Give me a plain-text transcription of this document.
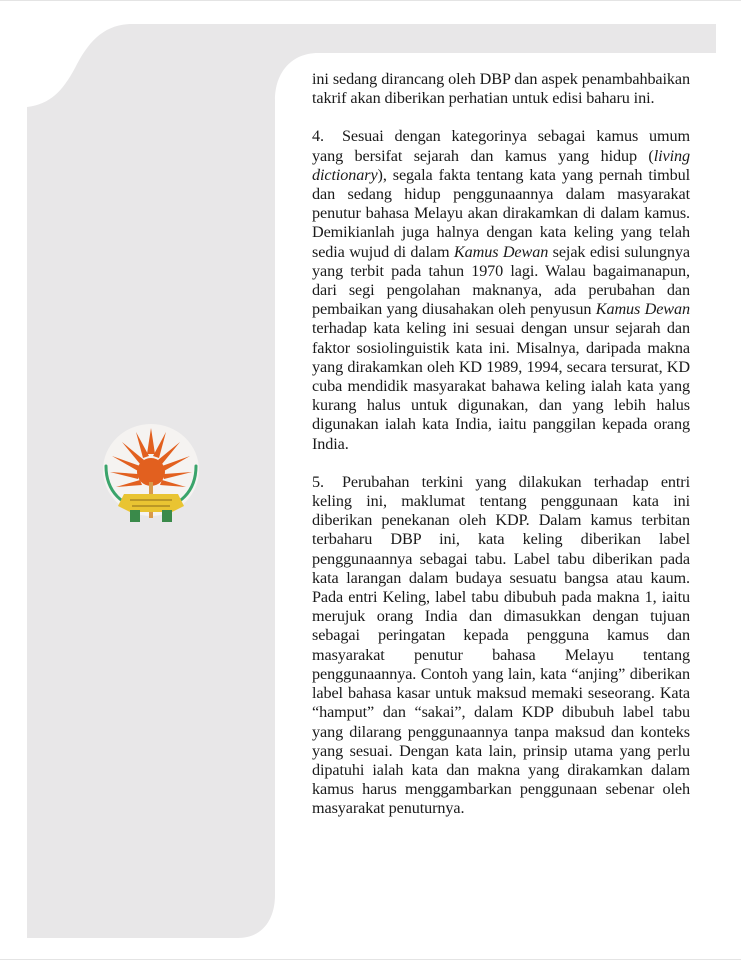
ini sedang dirancang oleh DBP dan aspek penambahbaikan takrif akan diberikan perhatian untuk edisi baharu ini.

4. Sesuai dengan kategorinya sebagai kamus umum yang bersifat sejarah dan kamus yang hidup (living dictionary), segala fakta tentang kata yang pernah timbul dan sedang hidup penggunaannya dalam masyarakat penutur bahasa Melayu akan dirakamkan di dalam kamus. Demikianlah juga halnya dengan kata keling yang telah sedia wujud di dalam Kamus Dewan sejak edisi sulungnya yang terbit pada tahun 1970 lagi. Walau bagaimanapun, dari segi pengolahan maknanya, ada perubahan dan pembaikan yang diusahakan oleh penyusun Kamus Dewan terhadap kata keling ini sesuai dengan unsur sejarah dan faktor sosiolinguistik kata ini. Misalnya, daripada makna yang dirakamkan oleh KD 1989, 1994, secara tersurat, KD cuba mendidik masyarakat bahawa keling ialah kata yang kurang halus untuk digunakan, dan yang lebih halus digunakan ialah kata India, iaitu panggilan kepada orang India.

5. Perubahan terkini yang dilakukan terhadap entri keling ini, maklumat tentang penggunaan kata ini diberikan penekanan oleh KDP. Dalam kamus terbitan terbaharu DBP ini, kata keling diberikan label penggunaannya sebagai tabu. Label tabu diberikan pada kata larangan dalam budaya sesuatu bangsa atau kaum. Pada entri Keling, label tabu dibubuh pada makna 1, iaitu merujuk orang India dan dimasukkan dengan tujuan sebagai peringatan kepada pengguna kamus dan masyarakat penutur bahasa Melayu tentang penggunaannya. Contoh yang lain, kata “anjing” diberikan label bahasa kasar untuk maksud memaki seseorang. Kata “hamput” dan “sakai”, dalam KDP dibubuh label tabu yang dilarang penggunaannya tanpa maksud dan konteks yang sesuai. Dengan kata lain, prinsip utama yang perlu dipatuhi ialah kata dan makna yang dirakamkan dalam kamus harus menggambarkan penggunaan sebenar oleh masyarakat penuturnya.
